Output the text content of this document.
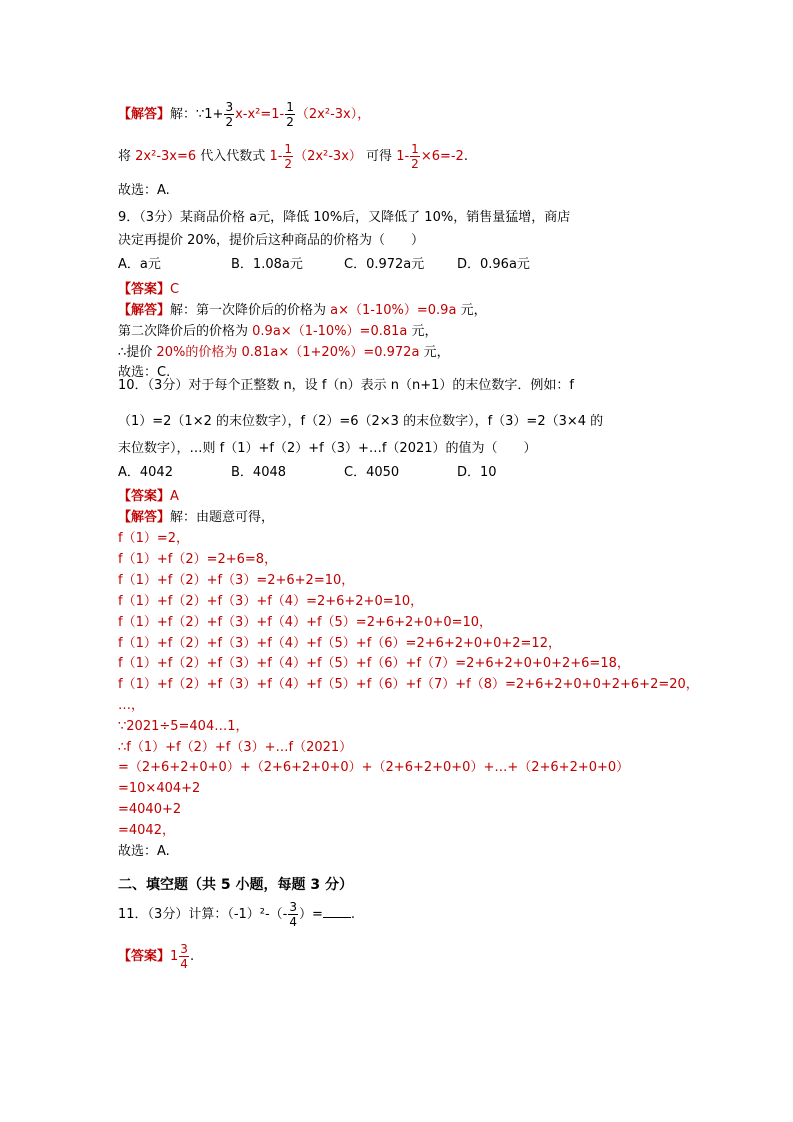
【解答】解：∵1+ $\frac{3}{2} x-x^2=1- \frac{1}{2} (2x^2-3x)$，
将 2x²-3x=6 代入代数式 $1- \frac{1}{2} (2x^2-3x)$ 可得 $1- \frac{1}{2} \times 6=-2$.
故选：A.
9．（3分）某商品价格 a元，降低 10%后，又降低了 10%，销售量猛增，商店
决定再提价 20%，提价后这种商品的价格为（　　）
A．a元	B．1.08a元	C．0.972a元	D．0.96a元
【答案】C
【解答】解：第一次降价后的价格为 a×（1-10%）=0.9a 元，
第二次降价后的价格为 0.9a×（1-10%）=0.81a 元，
∴提价 20%的价格为 0.81a×（1+20%）=0.972a 元，
故选：C.
10．（3分）对于每个正整数 n，设 f（n）表示 n（n+1）的末位数字．例如：f
（1）=2（1×2 的末位数字），f（2）=6（2×3 的末位数字），f（3）=2（3×4 的
末位数字），…则 f（1）+f（2）+f（3）+…f（2021）的值为（　　）
A．4042	B．4048	C．4050	D．10
【答案】A
【解答】解：由题意可得，
f（1）=2，
f（1）+f（2）=2+6=8，
f（1）+f（2）+f（3）=2+6+2=10，
f（1）+f（2）+f（3）+f（4）=2+6+2+0=10，
f（1）+f（2）+f（3）+f（4）+f（5）=2+6+2+0+0=10，
f（1）+f（2）+f（3）+f（4）+f（5）+f（6）=2+6+2+0+0+2=12，
f（1）+f（2）+f（3）+f（4）+f（5）+f（6）+f（7）=2+6+2+0+0+2+6=18，
f（1）+f（2）+f（3）+f（4）+f（5）+f（6）+f（7）+f（8）=2+6+2+0+0+2+6+2=20，
…，
∵2021÷5=404…1，
∴f（1）+f（2）+f（3）+…f（2021）
=（2+6+2+0+0）+（2+6+2+0+0）+（2+6+2+0+0）+…+（2+6+2+0+0）
=10×404+2
=4040+2
=4042，
故选：A.
二、填空题（共 5 小题，每题 3 分）
11．（3分）计算：$(-1)^2-(- \frac{3}{4}$ ）= .
【答案】$1 \frac{3}{4}$ .
